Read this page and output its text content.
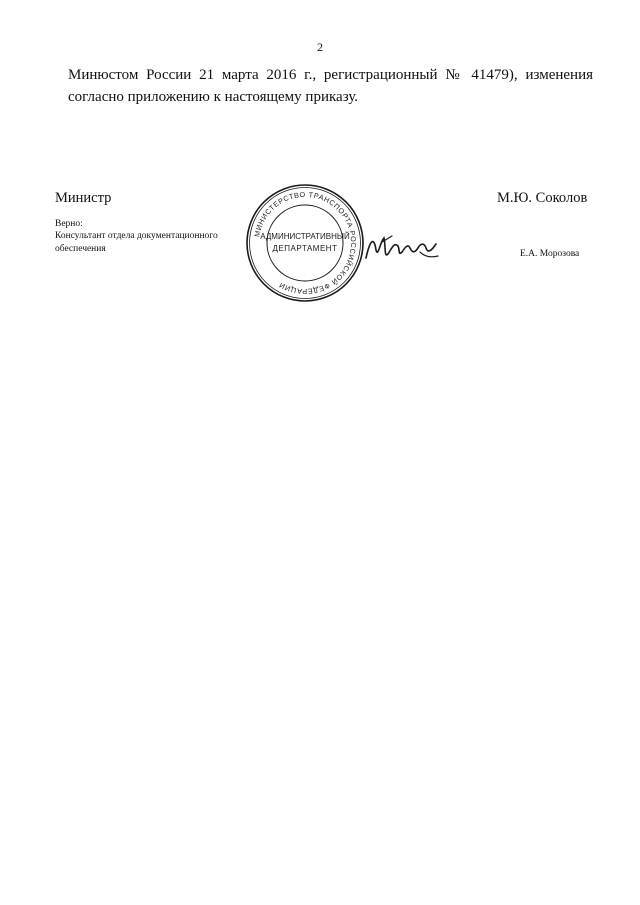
2
Минюстом России 21 марта 2016 г., регистрационный № 41479), изменения
согласно приложению к настоящему приказу.
Министр	М.Ю. Соколов
Верно:
Консультант отдела документационного
обеспечения	Е.А. Морозова
МИНИСТЕРСТВО ТРАНСПОРТА РОССИЙСКОЙ ФЕДЕРАЦИИ
АДМИНИСТРАТИВНЫЙ
ДЕПАРТАМЕНТ
